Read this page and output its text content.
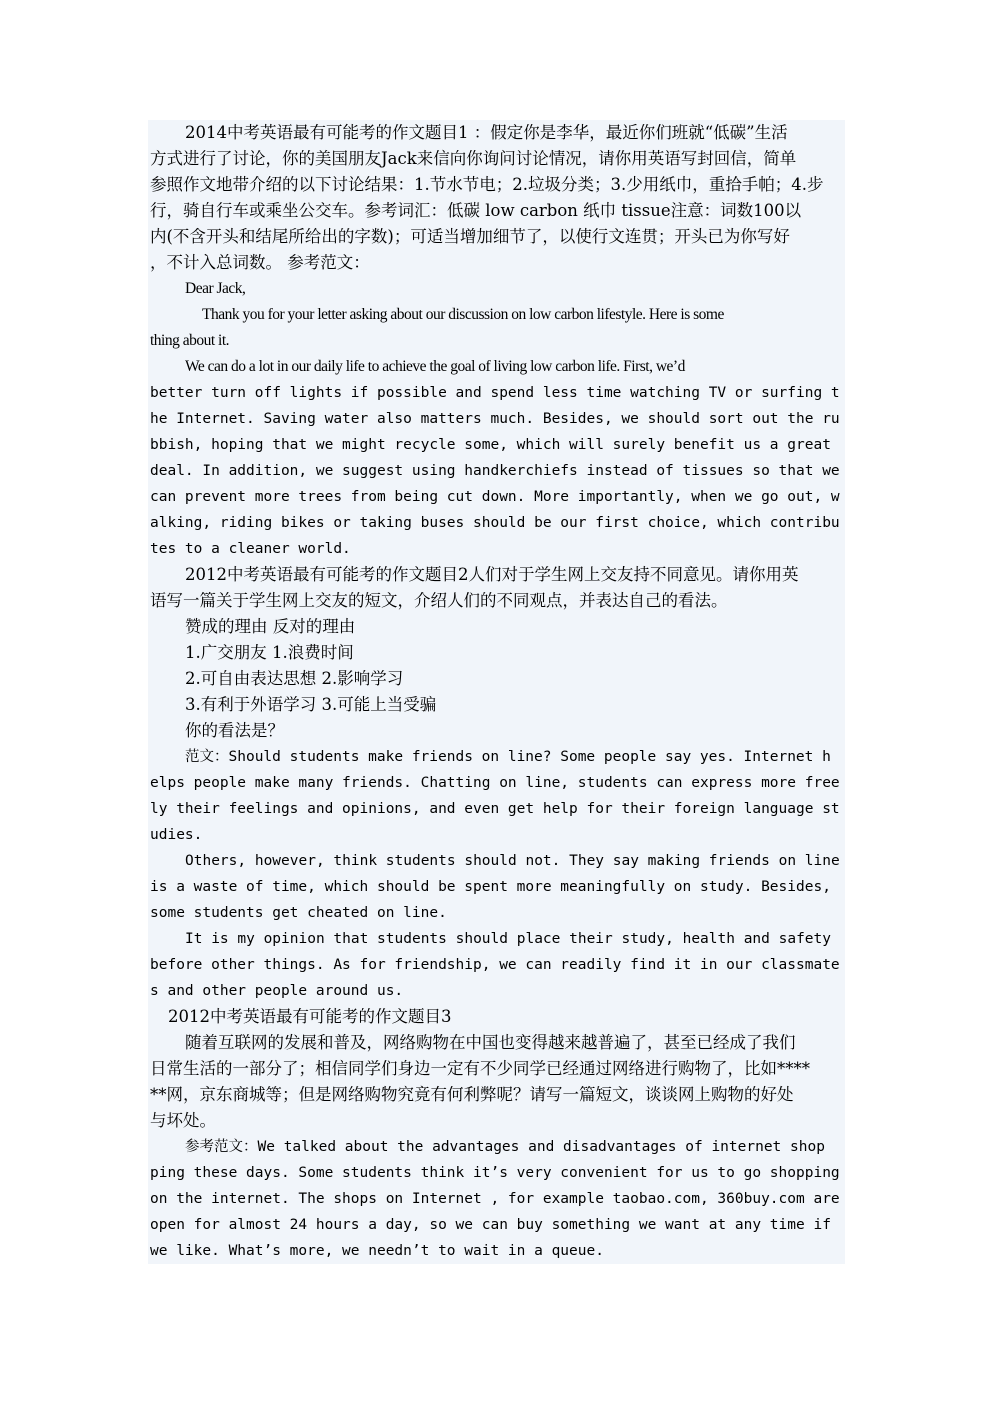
2014中考英语最有可能考的作文题目1 ：假定你是李华，最近你们班就“低碳”生活
方式进行了讨论，你的美国朋友Jack来信向你询问讨论情况，请你用英语写封回信，简单
参照作文地带介绍的以下讨论结果：1.节水节电；2.垃圾分类；3.少用纸巾，重拾手帕；4.步
行，骑自行车或乘坐公交车。参考词汇：低碳 low carbon 纸巾 tissue注意：词数100以
内(不含开头和结尾所给出的字数)；可适当增加细节了，以使行文连贯；开头已为你写好
，不计入总词数。 参考范文：
Dear Jack,
Thank you for your letter asking about our discussion on low carbon lifestyle. Here is some
thing about it.
We can do a lot in our daily life to achieve the goal of living low carbon life. First, we’d
better turn off lights if possible and spend less time watching TV or surfing t
he Internet. Saving water also matters much. Besides, we should sort out the ru
bbish, hoping that we might recycle some, which will surely benefit us a great
deal. In addition, we suggest using handkerchiefs instead of tissues so that we
can prevent more trees from being cut down. More importantly, when we go out, w
alking, riding bikes or taking buses should be our first choice, which contribu
tes to a cleaner world.
2012中考英语最有可能考的作文题目2人们对于学生网上交友持不同意见。请你用英
语写一篇关于学生网上交友的短文，介绍人们的不同观点，并表达自己的看法。
赞成的理由 反对的理由
1.广交朋友 1.浪费时间
2.可自由表达思想 2.影响学习
3.有利于外语学习 3.可能上当受骗
你的看法是？
范文：Should students make friends on line? Some people say yes. Internet h
elps people make many friends. Chatting on line, students can express more free
ly their feelings and opinions, and even get help for their foreign language st
udies.
Others, however, think students should not. They say making friends on line
is a waste of time, which should be spent more meaningfully on study. Besides,
some students get cheated on line.
It is my opinion that students should place their study, health and safety
before other things. As for friendship, we can readily find it in our classmate
s and other people around us.
2012中考英语最有可能考的作文题目3
随着互联网的发展和普及，网络购物在中国也变得越来越普遍了，甚至已经成了我们
日常生活的一部分了；相信同学们身边一定有不少同学已经通过网络进行购物了，比如****
**网，京东商城等；但是网络购物究竟有何利弊呢？请写一篇短文，谈谈网上购物的好处
与坏处。
参考范文：We talked about the advantages and disadvantages of internet shop
ping these days. Some students think it’s very convenient for us to go shopping
on the internet. The shops on Internet , for example taobao.com, 360buy.com are
open for almost 24 hours a day, so we can buy something we want at any time if
we like. What’s more, we needn’t to wait in a queue.
